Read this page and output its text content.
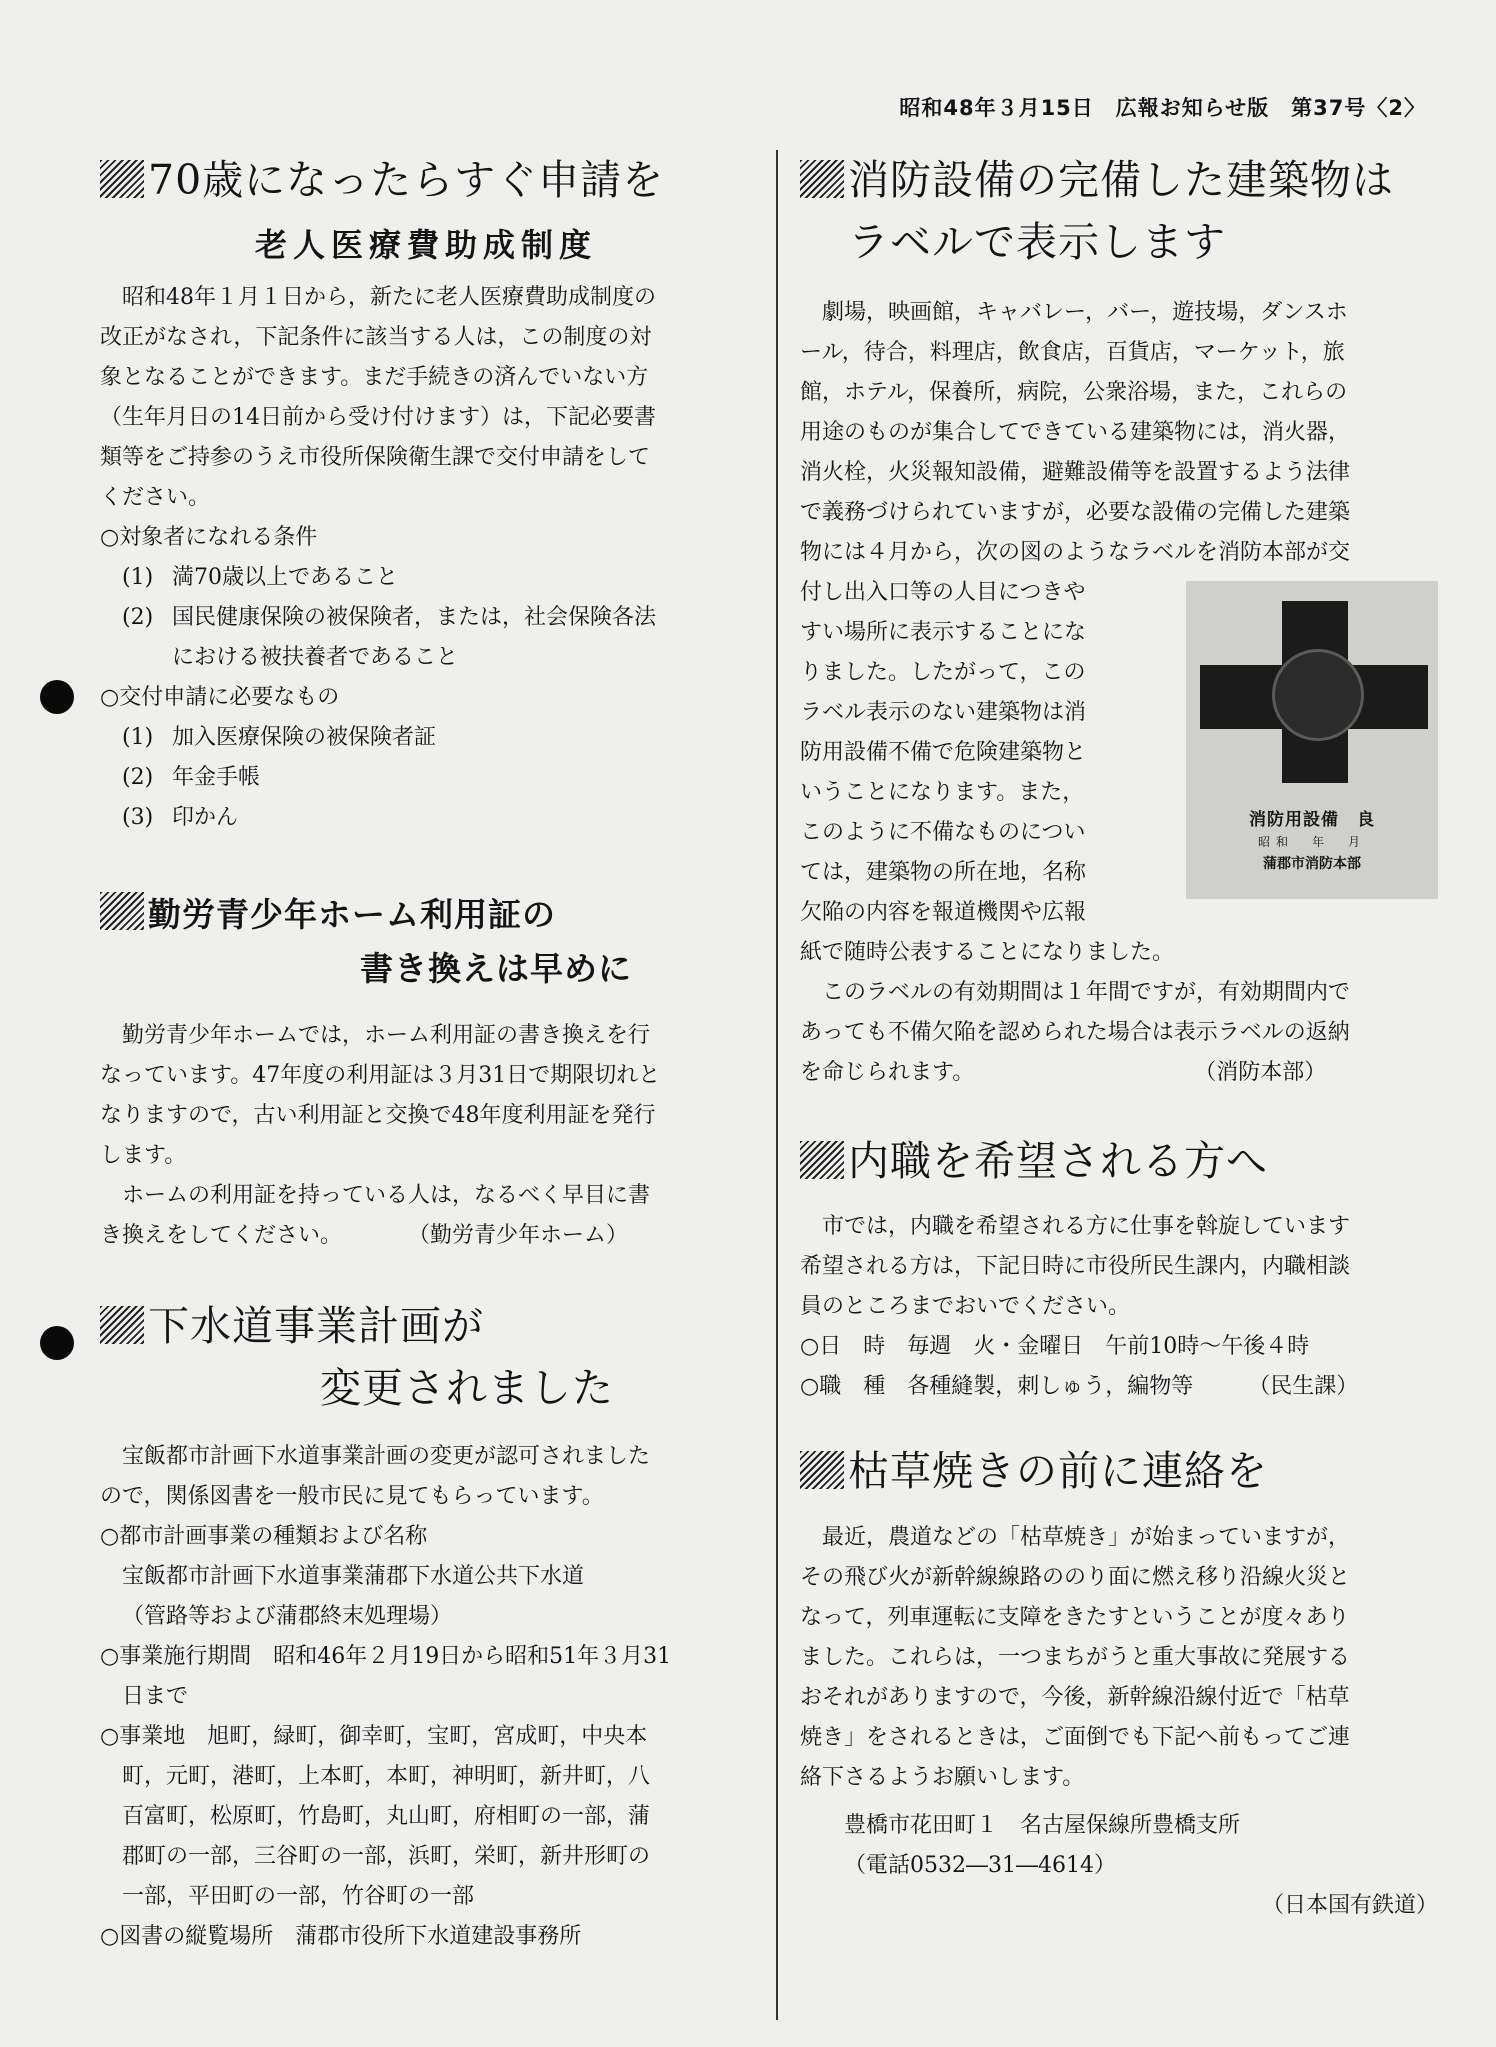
昭和48年３月15日　広報お知らせ版　第37号〈2〉
70歳になったらすぐ申請を
老人医療費助成制度

昭和48年１月１日から，新たに老人医療費助成制度の

改正がなされ，下記条件に該当する人は，この制度の対

象となることができます。まだ手続きの済んでいない方

（生年月日の14日前から受け付けます）は，下記必要書

類等をご持参のうえ市役所保険衛生課で交付申請をして

ください。

○対象者になれる条件

(1) 満70歳以上であること

(2) 国民健康保険の被保険者，または，社会保険各法

における被扶養者であること

○交付申請に必要なもの

(1) 加入医療保険の被保険者証

(2) 年金手帳

(3) 印かん

勤労青少年ホーム利用証の
書き換えは早めに

勤労青少年ホームでは，ホーム利用証の書き換えを行

なっています。47年度の利用証は３月31日で期限切れと

なりますので，古い利用証と交換で48年度利用証を発行

します。

ホームの利用証を持っている人は，なるべく早目に書

き換えをしてください。　　　　（勤労青少年ホーム）

下水道事業計画が
変更されました

宝飯都市計画下水道事業計画の変更が認可されました

ので，関係図書を一般市民に見てもらっています。

○都市計画事業の種類および名称

宝飯都市計画下水道事業蒲郡下水道公共下水道

（管路等および蒲郡終末処理場）

○事業施行期間　昭和46年２月19日から昭和51年３月31

日まで

○事業地　旭町，緑町，御幸町，宝町，宮成町，中央本

町，元町，港町，上本町，本町，神明町，新井町，八

百富町，松原町，竹島町，丸山町，府相町の一部，蒲

郡町の一部，三谷町の一部，浜町，栄町，新井形町の

一部，平田町の一部，竹谷町の一部

○図書の縦覧場所　蒲郡市役所下水道建設事務所

消防設備の完備した建築物は
ラベルで表示します

劇場，映画館，キャバレー，バー，遊技場，ダンスホ

ール，待合，料理店，飲食店，百貨店，マーケット，旅

館，ホテル，保養所，病院，公衆浴場，また，これらの

用途のものが集合してできている建築物には，消火器，

消火栓，火災報知設備，避難設備等を設置するよう法律

で義務づけられていますが，必要な設備の完備した建築

物には４月から，次の図のようなラベルを消防本部が交

付し出入口等の人目につきや

すい場所に表示することにな

りました。したがって，この

ラベル表示のない建築物は消

防用設備不備で危険建築物と

いうことになります。また，

このように不備なものについ

ては，建築物の所在地，名称

欠陥の内容を報道機関や広報

消防用設備　良
昭和　年　月
蒲郡市消防本部

紙で随時公表することになりました。

このラベルの有効期間は１年間ですが，有効期間内で

あっても不備欠陥を認められた場合は表示ラベルの返納

を命じられます。　　　　　　　　　　　（消防本部）

内職を希望される方へ

市では，内職を希望される方に仕事を斡旋しています

希望される方は，下記日時に市役所民生課内，内職相談

員のところまでおいでください。

○日　時　毎週　火・金曜日　午前10時～午後４時

○職　種　各種縫製，刺しゅう，編物等　　　（民生課）

枯草焼きの前に連絡を

最近，農道などの「枯草焼き」が始まっていますが，

その飛び火が新幹線線路ののり面に燃え移り沿線火災と

なって，列車運転に支障をきたすということが度々あり

ました。これらは，一つまちがうと重大事故に発展する

おそれがありますので，今後，新幹線沿線付近で「枯草

焼き」をされるときは，ご面倒でも下記へ前もってご連

絡下さるようお願いします。

豊橋市花田町１　名古屋保線所豊橋支所

（電話0532―31―4614）

（日本国有鉄道）
